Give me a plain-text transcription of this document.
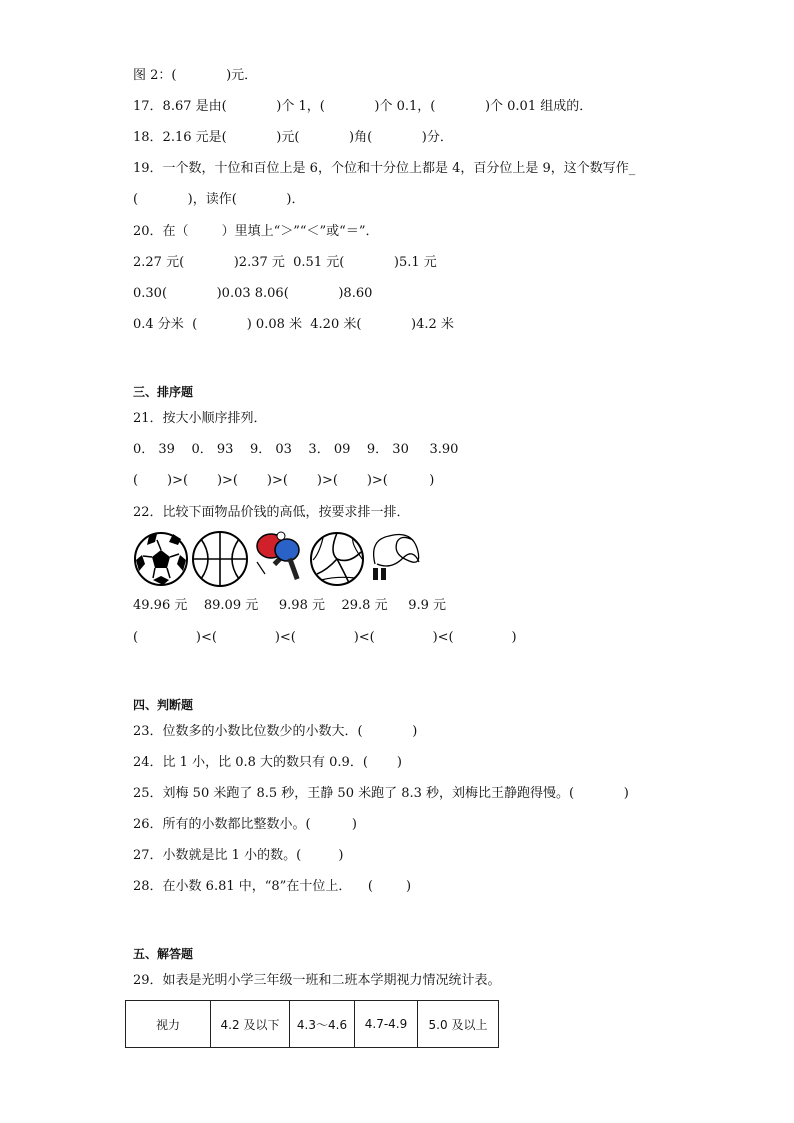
图 2：(            )元．
17．8.67 是由(            )个 1，(            )个 0.1，(            )个 0.01 组成的．
18．2.16 元是(            )元(            )角(            )分．
19．一个数，十位和百位上是 6，个位和十分位上都是 4，百分位上是 9，这个数写作_
(            )，读作(            )．
20．在（        ）里填上“＞”“＜”或“＝”．
2.27 元(            )2.37 元  0.51 元(            )5.1 元
0.30(            )0.03 8.06(            )8.60
0.4 分米  (            ) 0.08 米  4.20 米(            )4.2 米
三、排序题
21．按大小顺序排列．
0． 39    0． 93    9． 03    3． 09    9． 30     3.90
(       )>(       )>(       )>(       )>(       )>(          )
22．比较下面物品价钱的高低，按要求排一排．
49.96 元    89.09 元     9.98 元    29.8 元     9.9 元
(              )<(              )<(              )<(              )<(              )
四、判断题
23．位数多的小数比位数少的小数大．(            )
24．比 1 小，比 0.8 大的数只有 0.9．(       )
25．刘梅 50 米跑了 8.5 秒，王静 50 米跑了 8.3 秒，刘梅比王静跑得慢。(            )
26．所有的小数都比整数小。(          )
27．小数就是比 1 小的数。(         )
28．在小数 6.81 中，“8”在十位上．    (        )
五、解答题
29．如表是光明小学三年级一班和二班本学期视力情况统计表。
视力	4.2 及以下	4.3～4.6	4.7-4.9	5.0 及以上
